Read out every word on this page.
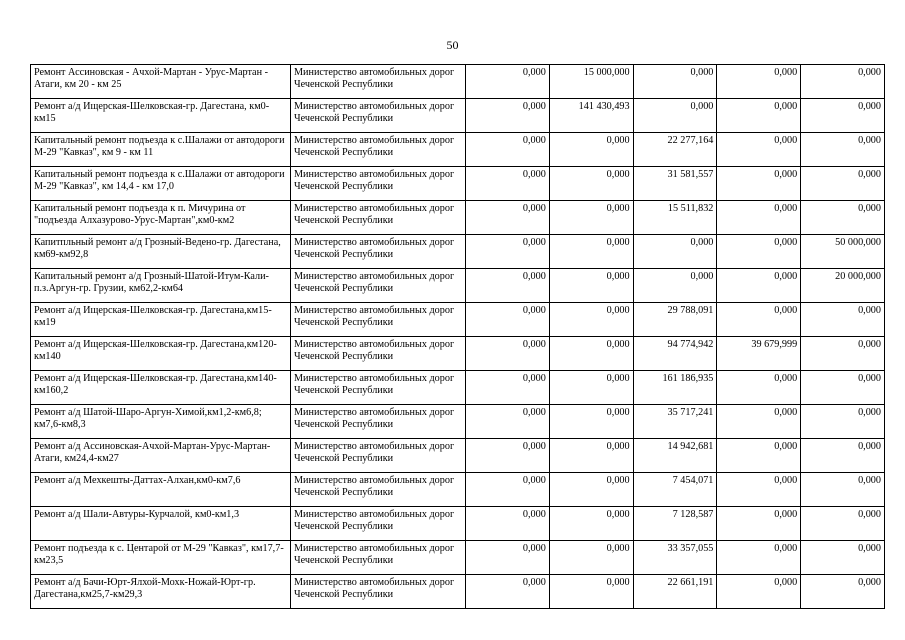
50
Ремонт Ассиновская - Ачхой-Мартан - Урус-Мартан - Атаги, км 20 - км 25	Министерство автомобильных дорог Чеченской Республики	0,000	15 000,000	0,000	0,000	0,000
Ремонт а/д Ищерская-Шелковская-гр. Дагестана, км0-км15	Министерство автомобильных дорог Чеченской Республики	0,000	141 430,493	0,000	0,000	0,000
Капитальный ремонт подъезда к с.Шалажи от автодороги М-29 "Кавказ", км 9 - км 11	Министерство автомобильных дорог Чеченской Республики	0,000	0,000	22 277,164	0,000	0,000
Капитальный ремонт подъезда к с.Шалажи от автодороги М-29 "Кавказ", км 14,4 - км 17,0	Министерство автомобильных дорог Чеченской Республики	0,000	0,000	31 581,557	0,000	0,000
Капитальный ремонт подъезда к п. Мичурина от "подъезда Алхазурово-Урус-Мартан",км0-км2	Министерство автомобильных дорог Чеченской Республики	0,000	0,000	15 511,832	0,000	0,000
Капитпльный ремонт а/д Грозный-Ведено-гр. Дагестана, км69-км92,8	Министерство автомобильных дорог Чеченской Республики	0,000	0,000	0,000	0,000	50 000,000
Капитальный ремонт а/д Грозный-Шатой-Итум-Кали-п.з.Аргун-гр. Грузии, км62,2-км64	Министерство автомобильных дорог Чеченской Республики	0,000	0,000	0,000	0,000	20 000,000
Ремонт а/д Ищерская-Шелковская-гр. Дагестана,км15-км19	Министерство автомобильных дорог Чеченской Республики	0,000	0,000	29 788,091	0,000	0,000
Ремонт а/д Ищерская-Шелковская-гр. Дагестана,км120-км140	Министерство автомобильных дорог Чеченской Республики	0,000	0,000	94 774,942	39 679,999	0,000
Ремонт а/д Ищерская-Шелковская-гр. Дагестана,км140-км160,2	Министерство автомобильных дорог Чеченской Республики	0,000	0,000	161 186,935	0,000	0,000
Ремонт а/д Шатой-Шаро-Аргун-Химой,км1,2-км6,8; км7,6-км8,3	Министерство автомобильных дорог Чеченской Республики	0,000	0,000	35 717,241	0,000	0,000
Ремонт а/д Ассиновская-Ачхой-Мартан-Урус-Мартан-Атаги, км24,4-км27	Министерство автомобильных дорог Чеченской Республики	0,000	0,000	14 942,681	0,000	0,000
Ремонт а/д Мехкешты-Даттах-Алхан,км0-км7,6	Министерство автомобильных дорог Чеченской Республики	0,000	0,000	7 454,071	0,000	0,000
Ремонт а/д Шали-Автуры-Курчалой, км0-км1,3	Министерство автомобильных дорог Чеченской Республики	0,000	0,000	7 128,587	0,000	0,000
Ремонт подъезда к с. Центарой от М-29 "Кавказ", км17,7-км23,5	Министерство автомобильных дорог Чеченской Республики	0,000	0,000	33 357,055	0,000	0,000
Ремонт а/д Бачи-Юрт-Ялхой-Мохк-Ножай-Юрт-гр. Дагестана,км25,7-км29,3	Министерство автомобильных дорог Чеченской Республики	0,000	0,000	22 661,191	0,000	0,000
